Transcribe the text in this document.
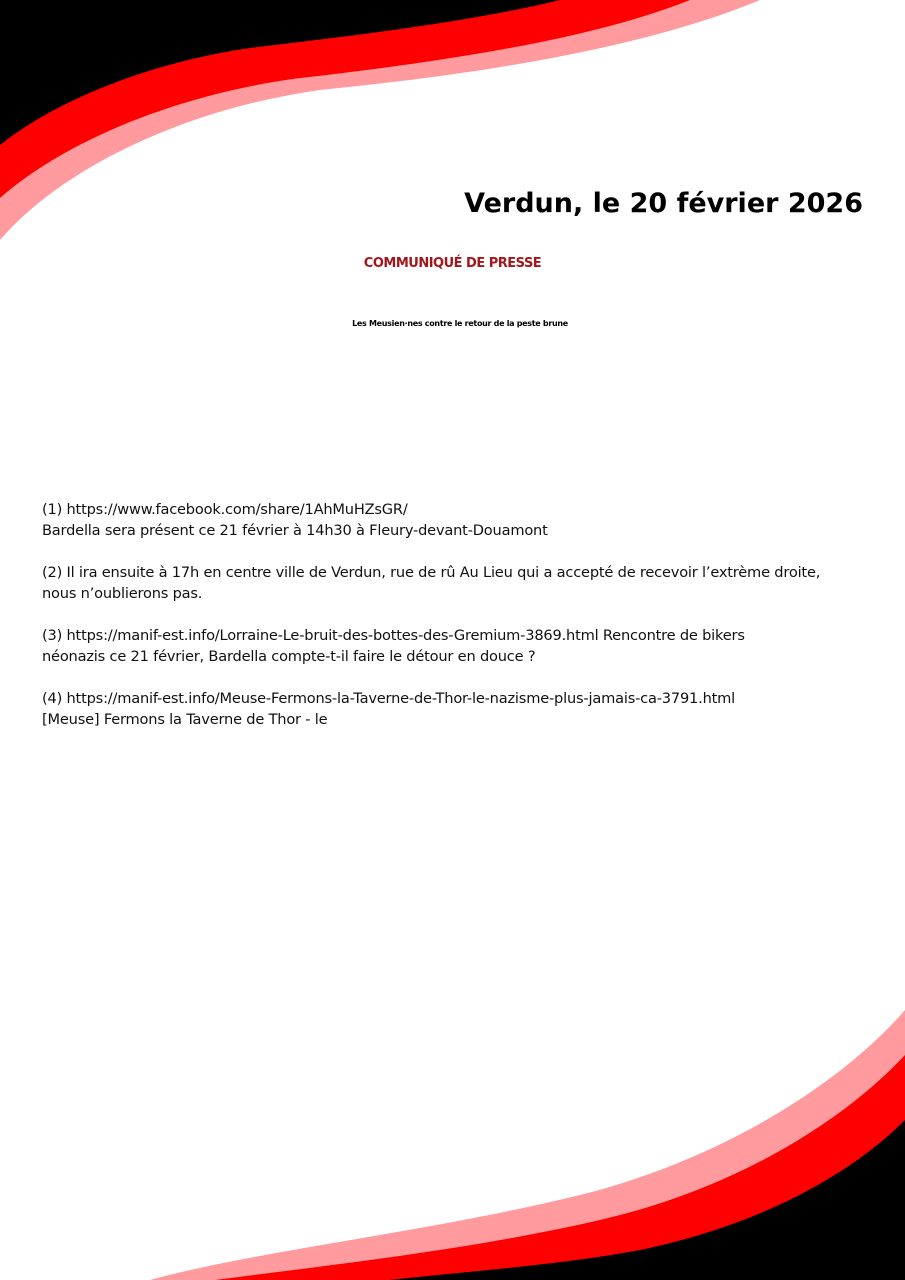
Verdun, le 20 février 2026
COMMUNIQUÉ DE PRESSE
Les Meusien·nes contre le retour de la peste brune

(1) https://www.facebook.com/share/1AhMuHZsGR/
Bardella sera présent ce 21 février à 14h30 à Fleury-devant-Douamont

(2) Il ira ensuite à 17h en centre ville de Verdun, rue de rû Au Lieu qui a accepté de recevoir l’extrème droite,
nous n’oublierons pas.

(3) https://manif-est.info/Lorraine-Le-bruit-des-bottes-des-Gremium-3869.html Rencontre de bikers
néonazis ce 21 février, Bardella compte-t-il faire le détour en douce ?

(4) https://manif-est.info/Meuse-Fermons-la-Taverne-de-Thor-le-nazisme-plus-jamais-ca-3791.html
[Meuse] Fermons la Taverne de Thor - le
